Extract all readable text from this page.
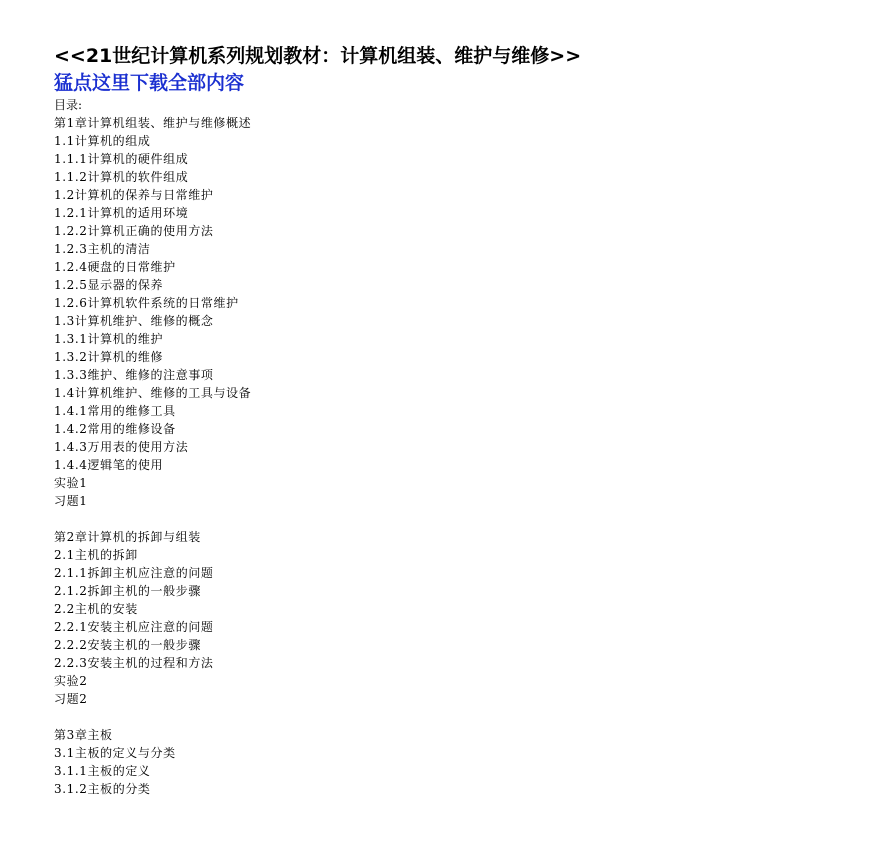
<<21世纪计算机系列规划教材：计算机组装、维护与维修>>
猛点这里下载全部内容
目录:
第1章计算机组装、维护与维修概述
1.1计算机的组成
1.1.1计算机的硬件组成
1.1.2计算机的软件组成
1.2计算机的保养与日常维护
1.2.1计算机的适用环境
1.2.2计算机正确的使用方法
1.2.3主机的清洁
1.2.4硬盘的日常维护
1.2.5显示器的保养
1.2.6计算机软件系统的日常维护
1.3计算机维护、维修的概念
1.3.1计算机的维护
1.3.2计算机的维修
1.3.3维护、维修的注意事项
1.4计算机维护、维修的工具与设备
1.4.1常用的维修工具
1.4.2常用的维修设备
1.4.3万用表的使用方法
1.4.4逻辑笔的使用
实验1
习题1
第2章计算机的拆卸与组装
2.1主机的拆卸
2.1.1拆卸主机应注意的问题
2.1.2拆卸主机的一般步骤
2.2主机的安装
2.2.1安装主机应注意的问题
2.2.2安装主机的一般步骤
2.2.3安装主机的过程和方法
实验2
习题2
第3章主板
3.1主板的定义与分类
3.1.1主板的定义
3.1.2主板的分类
